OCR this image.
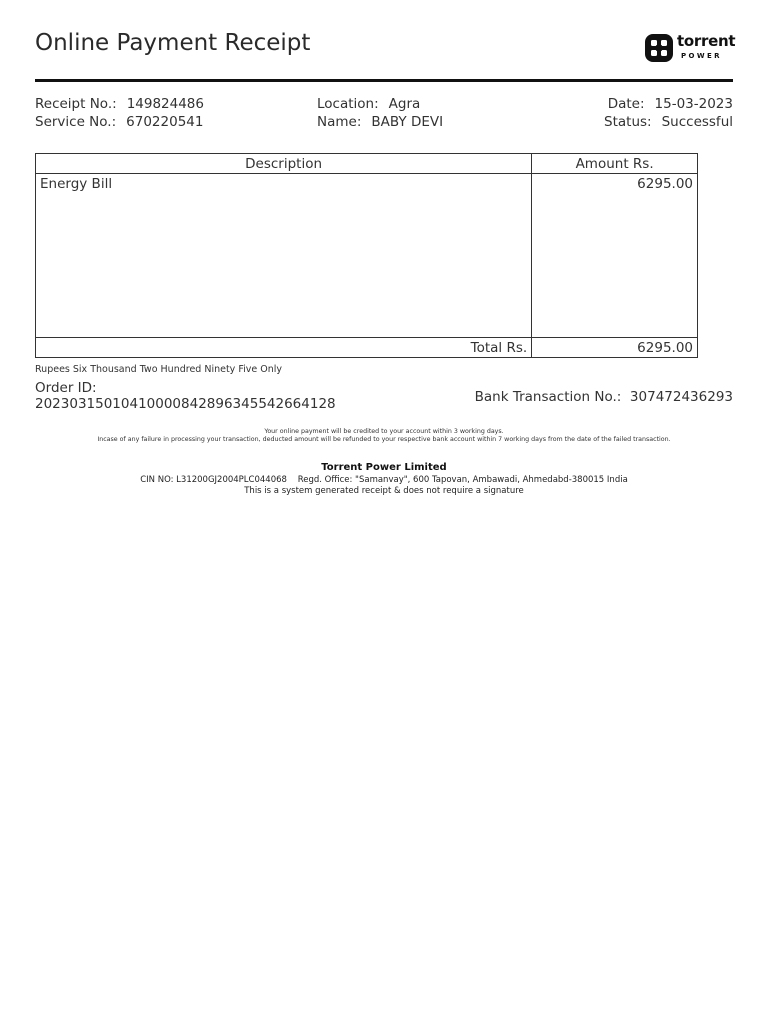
Online Payment Receipt	torrent
POWER
Receipt No.: 149824486
Service No.: 670220541
Location: Agra
Name: BABY DEVI
Date: 15-03-2023
Status: Successful
Description	Amount Rs.
Energy Bill	6295.00
Total Rs.	6295.00
Rupees Six Thousand Two Hundred Ninety Five Only
Order ID:
20230315010410000842896345542664128	Bank Transaction No.: 307472436293
Your online payment will be credited to your account within 3 working days.
Incase of any failure in processing your transaction, deducted amount will be refunded to your respective bank account within 7 working days from the date of the failed transaction.
Torrent Power Limited
CIN NO: L31200GJ2004PLC044068 Regd. Office: "Samanvay", 600 Tapovan, Ambawadi, Ahmedabd-380015 India
This is a system generated receipt & does not require a signature
